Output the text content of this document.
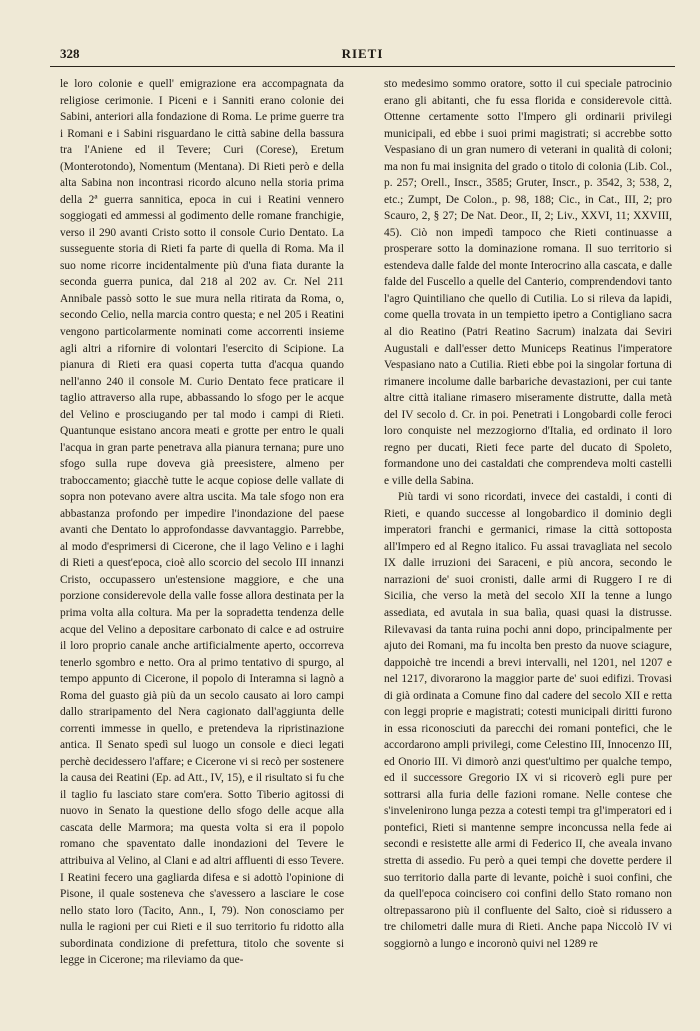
328	RIETI

le loro colonie e quell' emigrazione era accompagnata da religiose cerimonie. I Piceni e i Sanniti erano colonie dei Sabini, anteriori alla fondazione di Roma. Le prime guerre tra i Romani e i Sabini risguardano le città sabine della bassura tra l'Aniene ed il Tevere; Curi (Corese), Eretum (Monterotondo), Nomentum (Mentana). Di Rieti però e della alta Sabina non incontrasi ricordo alcuno nella storia prima della 2ª guerra sannitica, epoca in cui i Reatini vennero soggiogati ed ammessi al godimento delle romane franchigie, verso il 290 avanti Cristo sotto il console Curio Dentato. La susseguente storia di Rieti fa parte di quella di Roma. Ma il suo nome ricorre incidentalmente più d'una fiata durante la seconda guerra punica, dal 218 al 202 av. Cr. Nel 211 Annibale passò sotto le sue mura nella ritirata da Roma, o, secondo Celio, nella marcia contro questa; e nel 205 i Reatini vengono particolarmente nominati come accorrenti insieme agli altri a rifornire di volontari l'esercito di Scipione. La pianura di Rieti era quasi coperta tutta d'acqua quando nell'anno 240 il console M. Curio Dentato fece praticare il taglio attraverso alla rupe, abbassando lo sfogo per le acque del Velino e prosciugando per tal modo i campi di Rieti. Quantunque esistano ancora meati e grotte per entro le quali l'acqua in gran parte penetrava alla pianura ternana; pure uno sfogo sulla rupe doveva già preesistere, almeno per traboccamento; giacchè tutte le acque copiose delle vallate di sopra non potevano avere altra uscita. Ma tale sfogo non era abbastanza profondo per impedire l'inondazione del paese avanti che Dentato lo approfondasse davvantaggio. Parrebbe, al modo d'esprimersi di Cicerone, che il lago Velino e i laghi di Rieti a quest'epoca, cioè allo scorcio del secolo III innanzi Cristo, occupassero un'estensione maggiore, e che una porzione considerevole della valle fosse allora destinata per la prima volta alla coltura. Ma per la sopradetta tendenza delle acque del Velino a depositare carbonato di calce e ad ostruire il loro proprio canale anche artificialmente aperto, occorreva tenerlo sgombro e netto. Ora al primo tentativo di spurgo, al tempo appunto di Cicerone, il popolo di Interamna si lagnò a Roma del guasto già più da un secolo causato ai loro campi dallo straripamento del Nera cagionato dall'aggiunta delle correnti immesse in quello, e pretendeva la ripristinazione antica. Il Senato spedì sul luogo un console e dieci legati perchè decidessero l'affare; e Cicerone vi si recò per sostenere la causa dei Reatini (Ep. ad Att., IV, 15), e il risultato si fu che il taglio fu lasciato stare com'era. Sotto Tiberio agitossi di nuovo in Senato la questione dello sfogo delle acque alla cascata delle Marmora; ma questa volta si era il popolo romano che spaventato dalle inondazioni del Tevere le attribuiva al Velino, al Clani e ad altri affluenti di esso Tevere. I Reatini fecero una gagliarda difesa e si adottò l'opinione di Pisone, il quale sosteneva che s'avessero a lasciare le cose nello stato loro (Tacito, Ann., I, 79). Non conosciamo per nulla le ragioni per cui Rieti e il suo territorio fu ridotto alla subordinata condizione di prefettura, titolo che sovente si legge in Cicerone; ma rileviamo da que-

sto medesimo sommo oratore, sotto il cui speciale patrocinio erano gli abitanti, che fu essa florida e considerevole città. Ottenne certamente sotto l'Impero gli ordinarii privilegi municipali, ed ebbe i suoi primi magistrati; si accrebbe sotto Vespasiano di un gran numero di veterani in qualità di coloni; ma non fu mai insignita del grado o titolo di colonia (Lib. Col., p. 257; Orell., Inscr., 3585; Gruter, Inscr., p. 3542, 3; 538, 2, etc.; Zumpt, De Colon., p. 98, 188; Cic., in Cat., III, 2; pro Scauro, 2, § 27; De Nat. Deor., II, 2; Liv., XXVI, 11; XXVIII, 45). Ciò non impedì tampoco che Rieti continuasse a prosperare sotto la dominazione romana. Il suo territorio si estendeva dalle falde del monte Interocrino alla cascata, e dalle falde del Fuscello a quelle del Canterio, comprendendovi tanto l'agro Quintiliano che quello di Cutilia. Lo si rileva da lapidi, come quella trovata in un tempietto ipetro a Contigliano sacra al dio Reatino (Patri Reatino Sacrum) inalzata dai Seviri Augustali e dall'esser detto Municeps Reatinus l'imperatore Vespasiano nato a Cutilia. Rieti ebbe poi la singolar fortuna di rimanere incolume dalle barbariche devastazioni, per cui tante altre città italiane rimasero miseramente distrutte, dalla metà del IV secolo d. Cr. in poi. Penetrati i Longobardi colle feroci loro conquiste nel mezzogiorno d'Italia, ed ordinato il loro regno per ducati, Rieti fece parte del ducato di Spoleto, formandone uno dei castaldati che comprendeva molti castelli e ville della Sabina.

Più tardi vi sono ricordati, invece dei castaldi, i conti di Rieti, e quando successe al longobardico il dominio degli imperatori franchi e germanici, rimase la città sottoposta all'Impero ed al Regno italico. Fu assai travagliata nel secolo IX dalle irruzioni dei Saraceni, e più ancora, secondo le narrazioni de' suoi cronisti, dalle armi di Ruggero I re di Sicilia, che verso la metà del secolo XII la tenne a lungo assediata, ed avutala in sua balìa, quasi quasi la distrusse. Rilevavasi da tanta ruina pochi anni dopo, principalmente per ajuto dei Romani, ma fu incolta ben presto da nuove sciagure, dappoichè tre incendi a brevi intervalli, nel 1201, nel 1207 e nel 1217, divorarono la maggior parte de' suoi edifizi. Trovasi di già ordinata a Comune fino dal cadere del secolo XII e retta con leggi proprie e magistrati; cotesti municipali diritti furono in essa riconosciuti da parecchi dei romani pontefici, che le accordarono ampli privilegi, come Celestino III, Innocenzo III, ed Onorio III. Vi dimorò anzi quest'ultimo per qualche tempo, ed il successore Gregorio IX vi si ricoverò egli pure per sottrarsi alla furia delle fazioni romane. Nelle contese che s'invelenirono lunga pezza a cotesti tempi tra gl'imperatori ed i pontefici, Rieti si mantenne sempre inconcussa nella fede ai secondi e resistette alle armi di Federico II, che aveala invano stretta di assedio. Fu però a quei tempi che dovette perdere il suo territorio dalla parte di levante, poichè i suoi confini, che da quell'epoca coincisero coi confini dello Stato romano non oltrepassarono più il confluente del Salto, cioè si ridussero a tre chilometri dalle mura di Rieti. Anche papa Niccolò IV vi soggiornò a lungo e incoronò quivi nel 1289 re
